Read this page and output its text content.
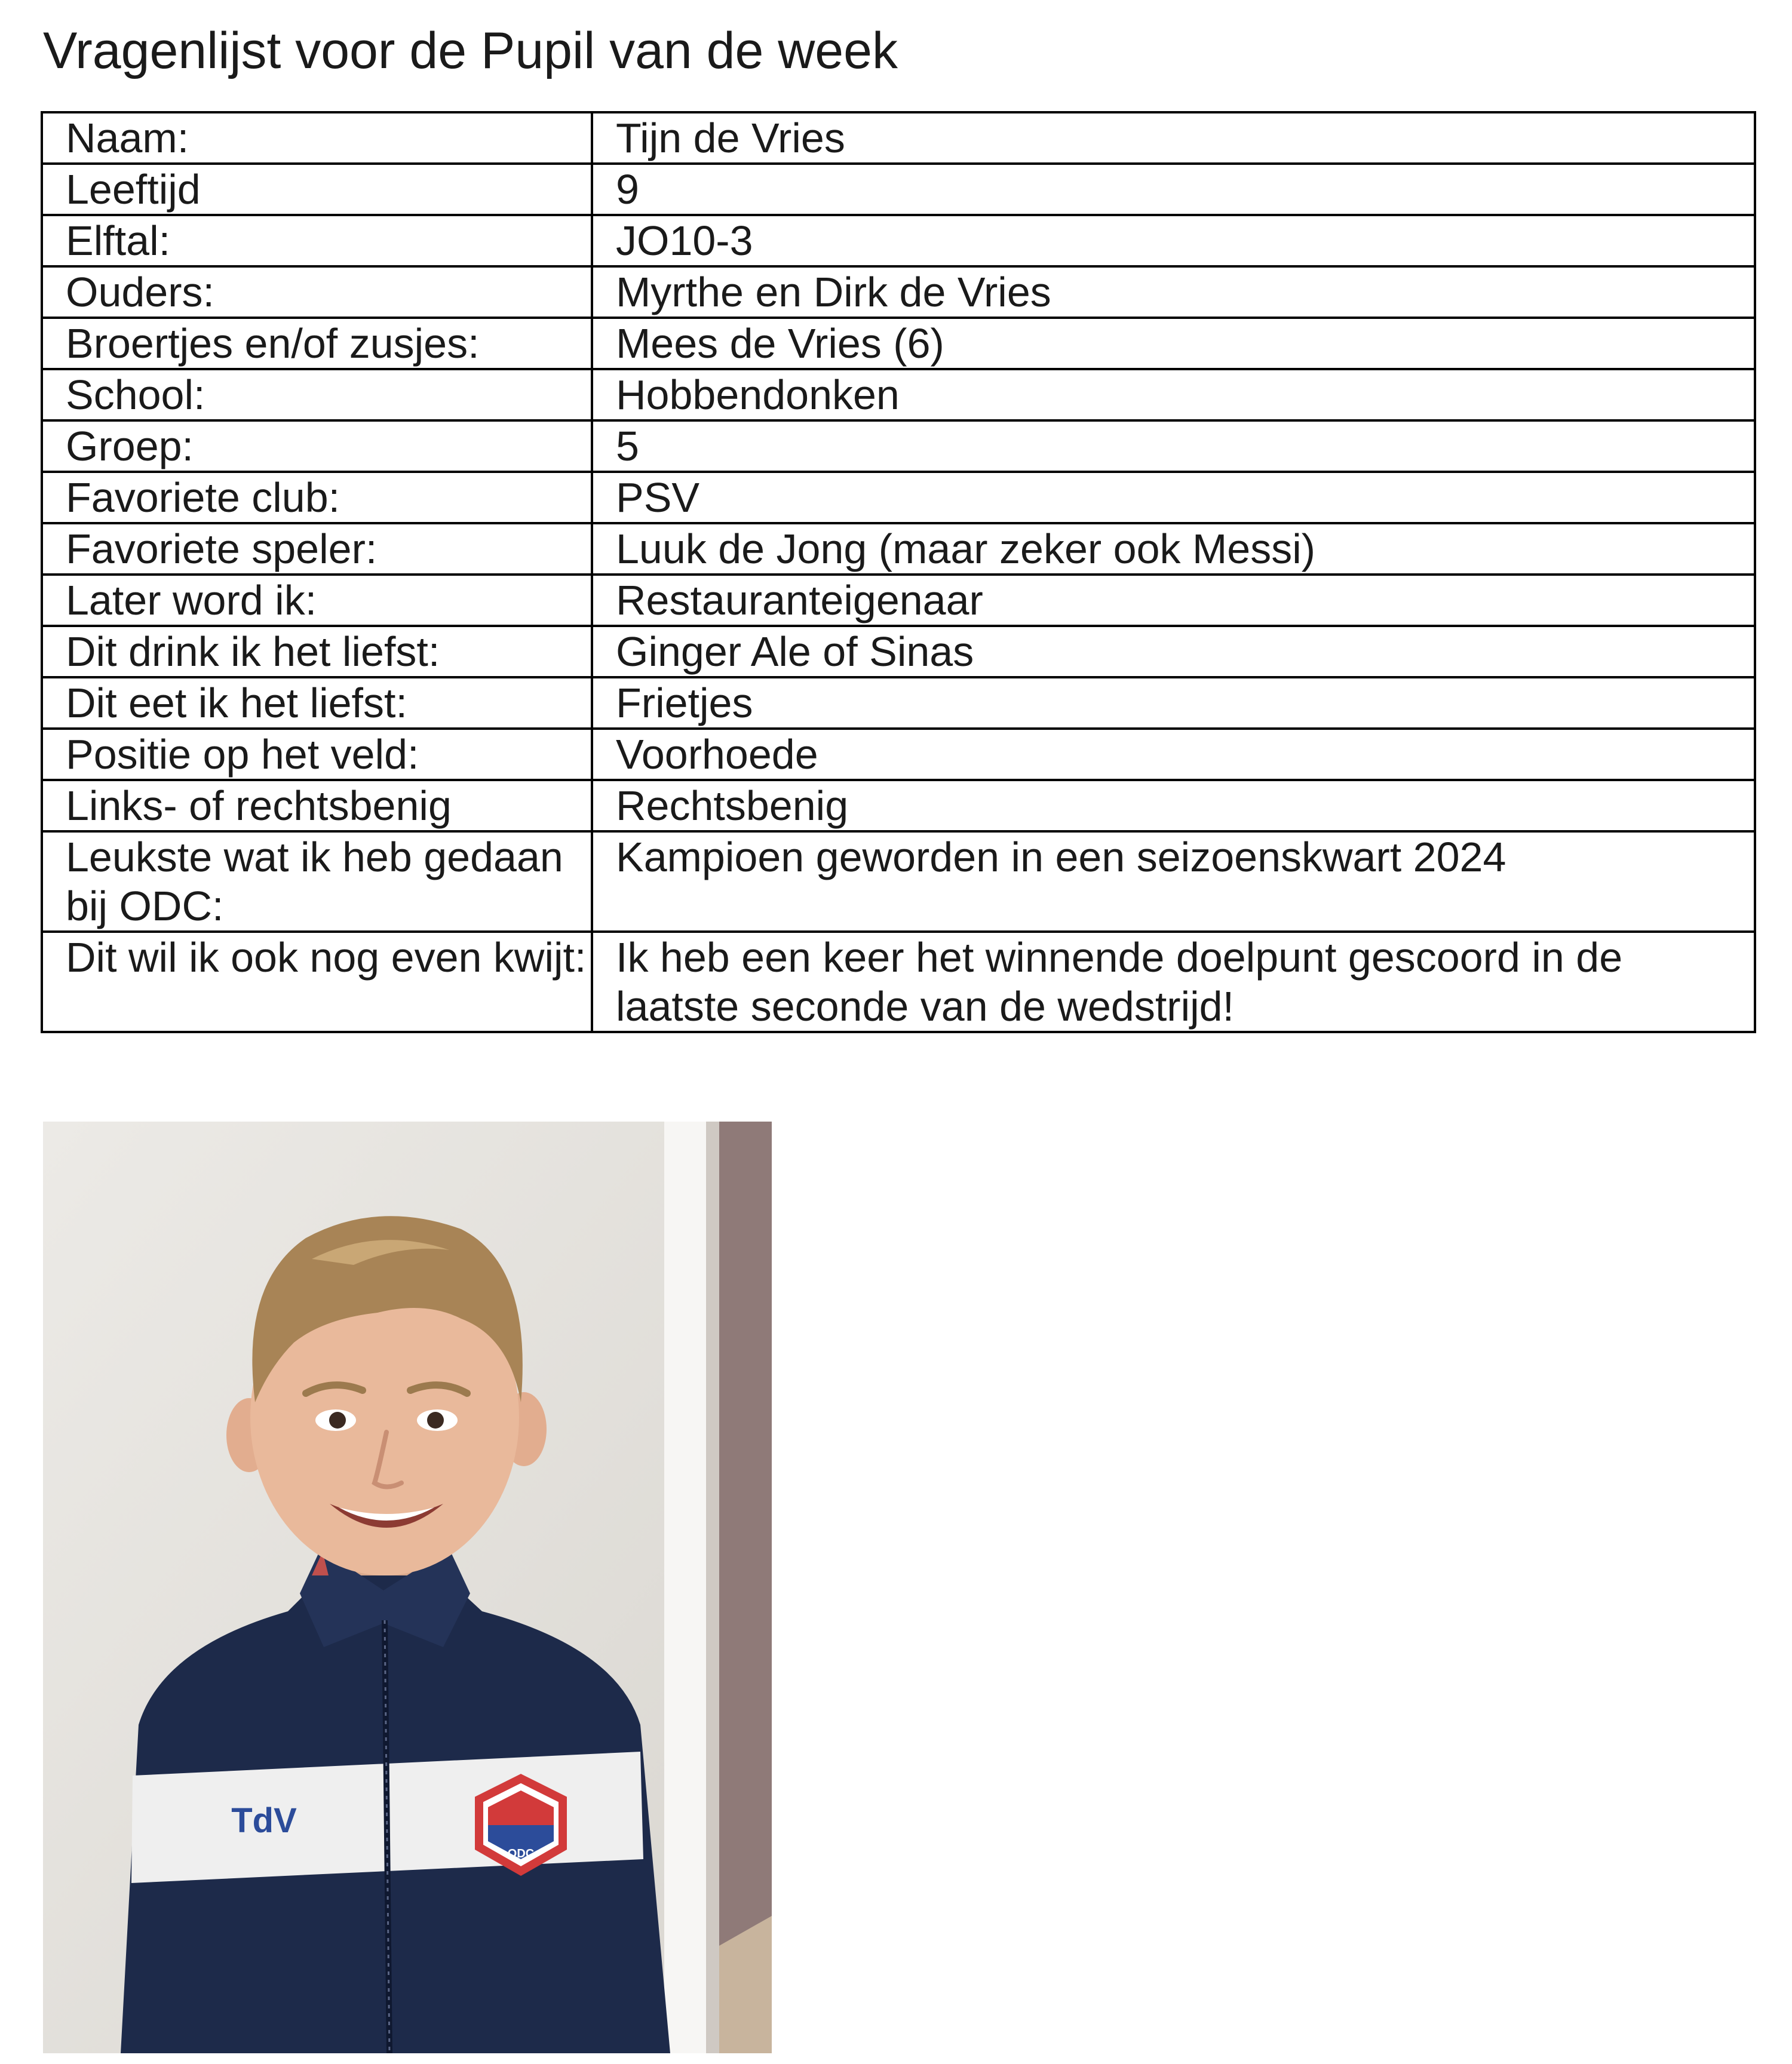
Vragenlijst voor de Pupil van de week
Naam:	Tijn de Vries
Leeftijd	9
Elftal:	JO10-3
Ouders:	Myrthe en Dirk de Vries
Broertjes en/of zusjes:	Mees de Vries (6)
School:	Hobbendonken
Groep:	5
Favoriete club:	PSV
Favoriete speler:	Luuk de Jong (maar zeker ook Messi)
Later word ik:	Restauranteigenaar
Dit drink ik het liefst:	Ginger Ale of Sinas
Dit eet ik het liefst:	Frietjes
Positie op het veld:	Voorhoede
Links- of rechtsbenig	Rechtsbenig
Leukste wat ik heb gedaan bij ODC:	Kampioen geworden in een seizoenskwart 2024
Dit wil ik ook nog even kwijt:	Ik heb een keer het winnende doelpunt gescoord in de laatste seconde van de wedstrijd!
TdV
ODC
